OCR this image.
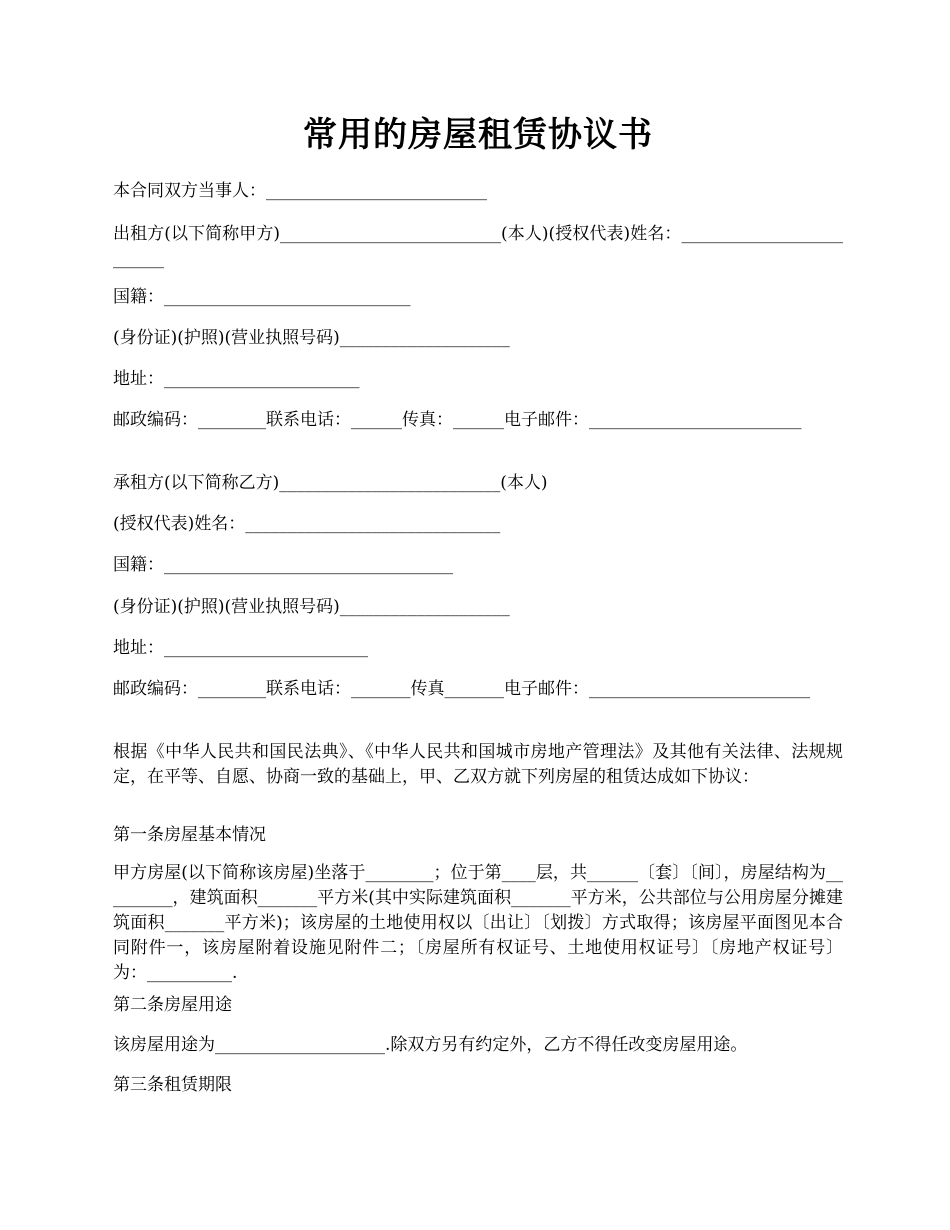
常用的房屋租赁协议书
本合同双方当事人：__________________________
出租方(以下简称甲方)__________________________(本人)(授权代表)姓名：_________________________
国籍：_____________________________
(身份证)(护照)(营业执照号码)____________________
地址：_______________________
邮政编码：________联系电话：______传真：______电子邮件：_________________________
承租方(以下简称乙方)__________________________(本人)
(授权代表)姓名：______________________________
国籍：__________________________________
(身份证)(护照)(营业执照号码)____________________
地址：________________________
邮政编码：________联系电话：_______传真_______电子邮件：__________________________
根据《中华人民共和国民法典》、《中华人民共和国城市房地产管理法》及其他有关法律、法规规定，在平等、自愿、协商一致的基础上，甲、乙双方就下列房屋的租赁达成如下协议：
第一条房屋基本情况
甲方房屋(以下简称该房屋)坐落于________；位于第____层，共______〔套〕〔间〕，房屋结构为_________，建筑面积_______平方米(其中实际建筑面积_______平方米，公共部位与公用房屋分摊建筑面积_______平方米)；该房屋的土地使用权以〔出让〕〔划拨〕方式取得；该房屋平面图见本合同附件一，该房屋附着设施见附件二；〔房屋所有权证号、土地使用权证号〕〔房地产权证号〕为：__________.
第二条房屋用途
该房屋用途为____________________.除双方另有约定外，乙方不得任改变房屋用途。
第三条租赁期限
